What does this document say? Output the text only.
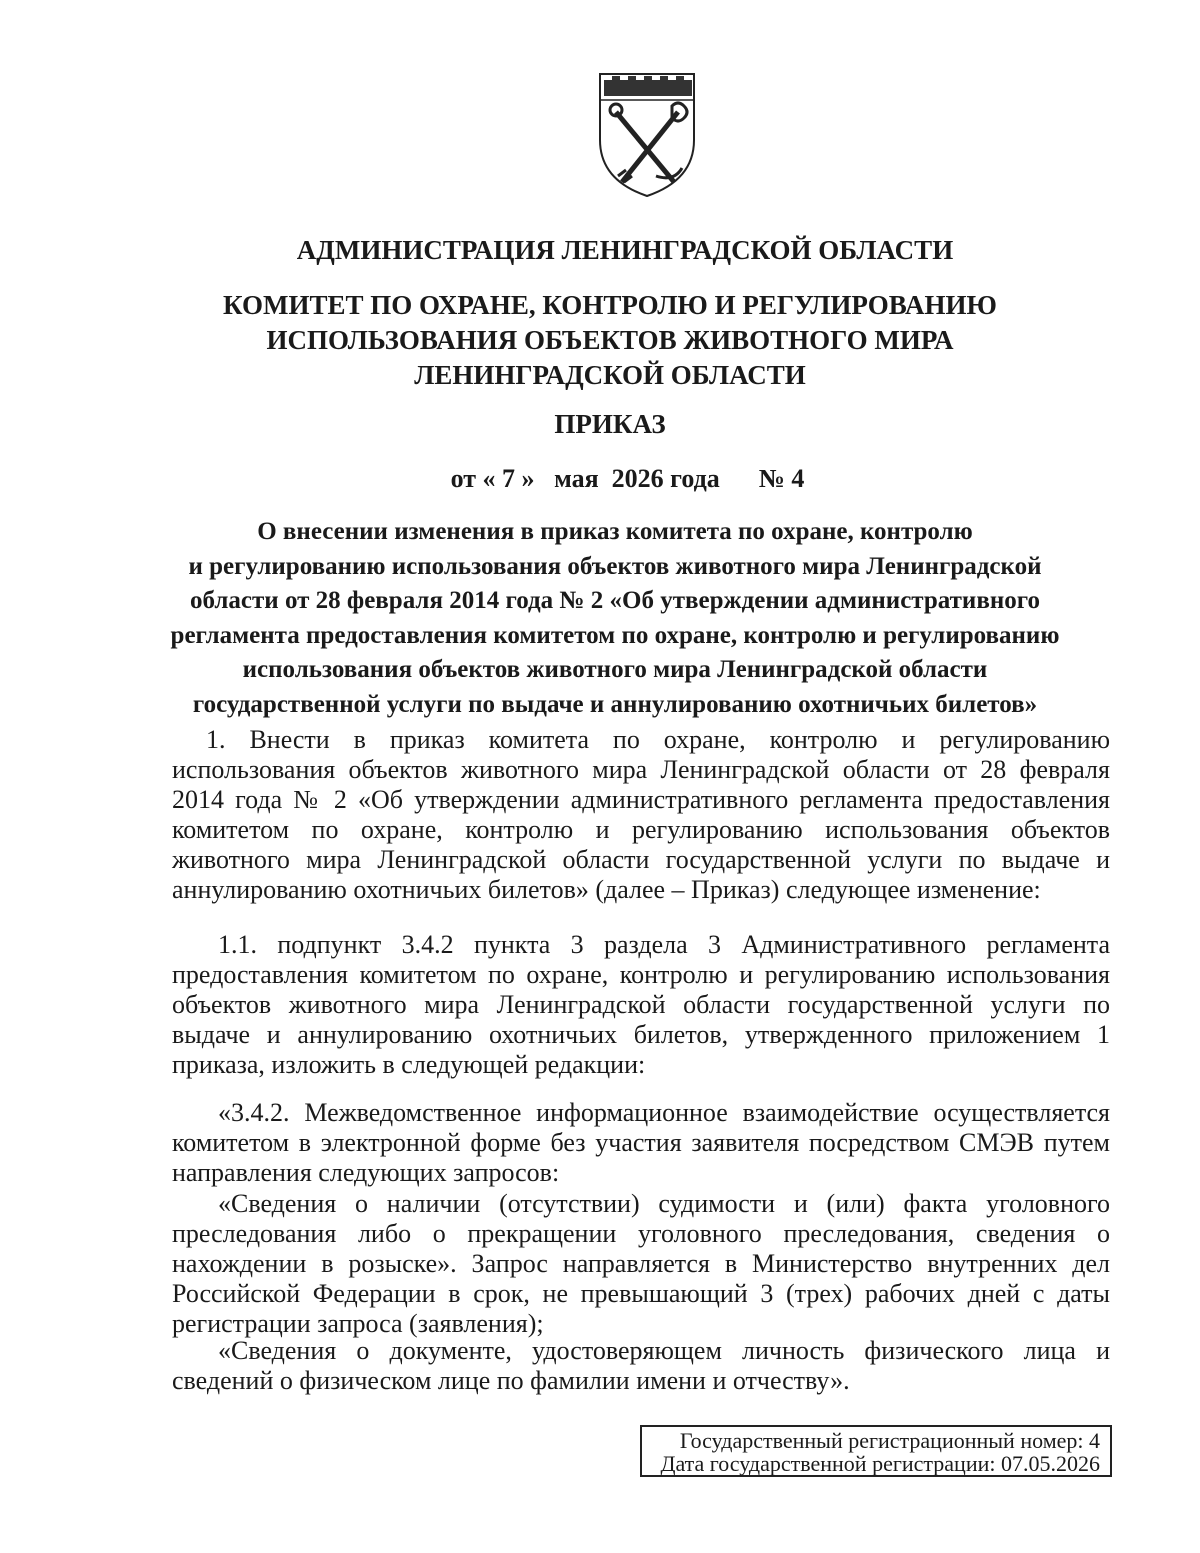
АДМИНИСТРАЦИЯ ЛЕНИНГРАДСКОЙ ОБЛАСТИ
КОМИТЕТ ПО ОХРАНЕ, КОНТРОЛЮ И РЕГУЛИРОВАНИЮ
ИСПОЛЬЗОВАНИЯ ОБЪЕКТОВ ЖИВОТНОГО МИРА
ЛЕНИНГРАДСКОЙ ОБЛАСТИ
ПРИКАЗ
от « 7 » мая  2026 года № 4
О внесении изменения в приказ комитета по охране, контролю
и регулированию использования объектов животного мира Ленинградской
области от 28 февраля 2014 года № 2 «Об утверждении административного
регламента предоставления комитетом по охране, контролю и регулированию
использования объектов животного мира Ленинградской области
государственной услуги по выдаче и аннулированию охотничьих билетов»

1. Внести в приказ комитета по охране, контролю и регулированию использования объектов животного мира Ленинградской области от 28 февраля 2014 года № 2 «Об утверждении административного регламента предоставления комитетом по охране, контролю и регулированию использования объектов животного мира Ленинградской области государственной услуги по выдаче и аннулированию охотничьих билетов» (далее – Приказ) следующее изменение:

1.1. подпункт 3.4.2 пункта 3 раздела 3 Административного регламента предоставления комитетом по охране, контролю и регулированию использования объектов животного мира Ленинградской области государственной услуги по выдаче и аннулированию охотничьих билетов, утвержденного приложением 1 приказа, изложить в следующей редакции:

«3.4.2. Межведомственное информационное взаимодействие осуществляется комитетом в электронной форме без участия заявителя посредством СМЭВ путем направления следующих запросов:

«Сведения о наличии (отсутствии) судимости и (или) факта уголовного преследования либо о прекращении уголовного преследования, сведения о нахождении в розыске». Запрос направляется в Министерство внутренних дел Российской Федерации в срок, не превышающий 3 (трех) рабочих дней с даты регистрации запроса (заявления);

«Сведения о документе, удостоверяющем личность физического лица и сведений о физическом лице по фамилии имени и отчеству».

Государственный регистрационный номер: 4
Дата государственной регистрации: 07.05.2026
